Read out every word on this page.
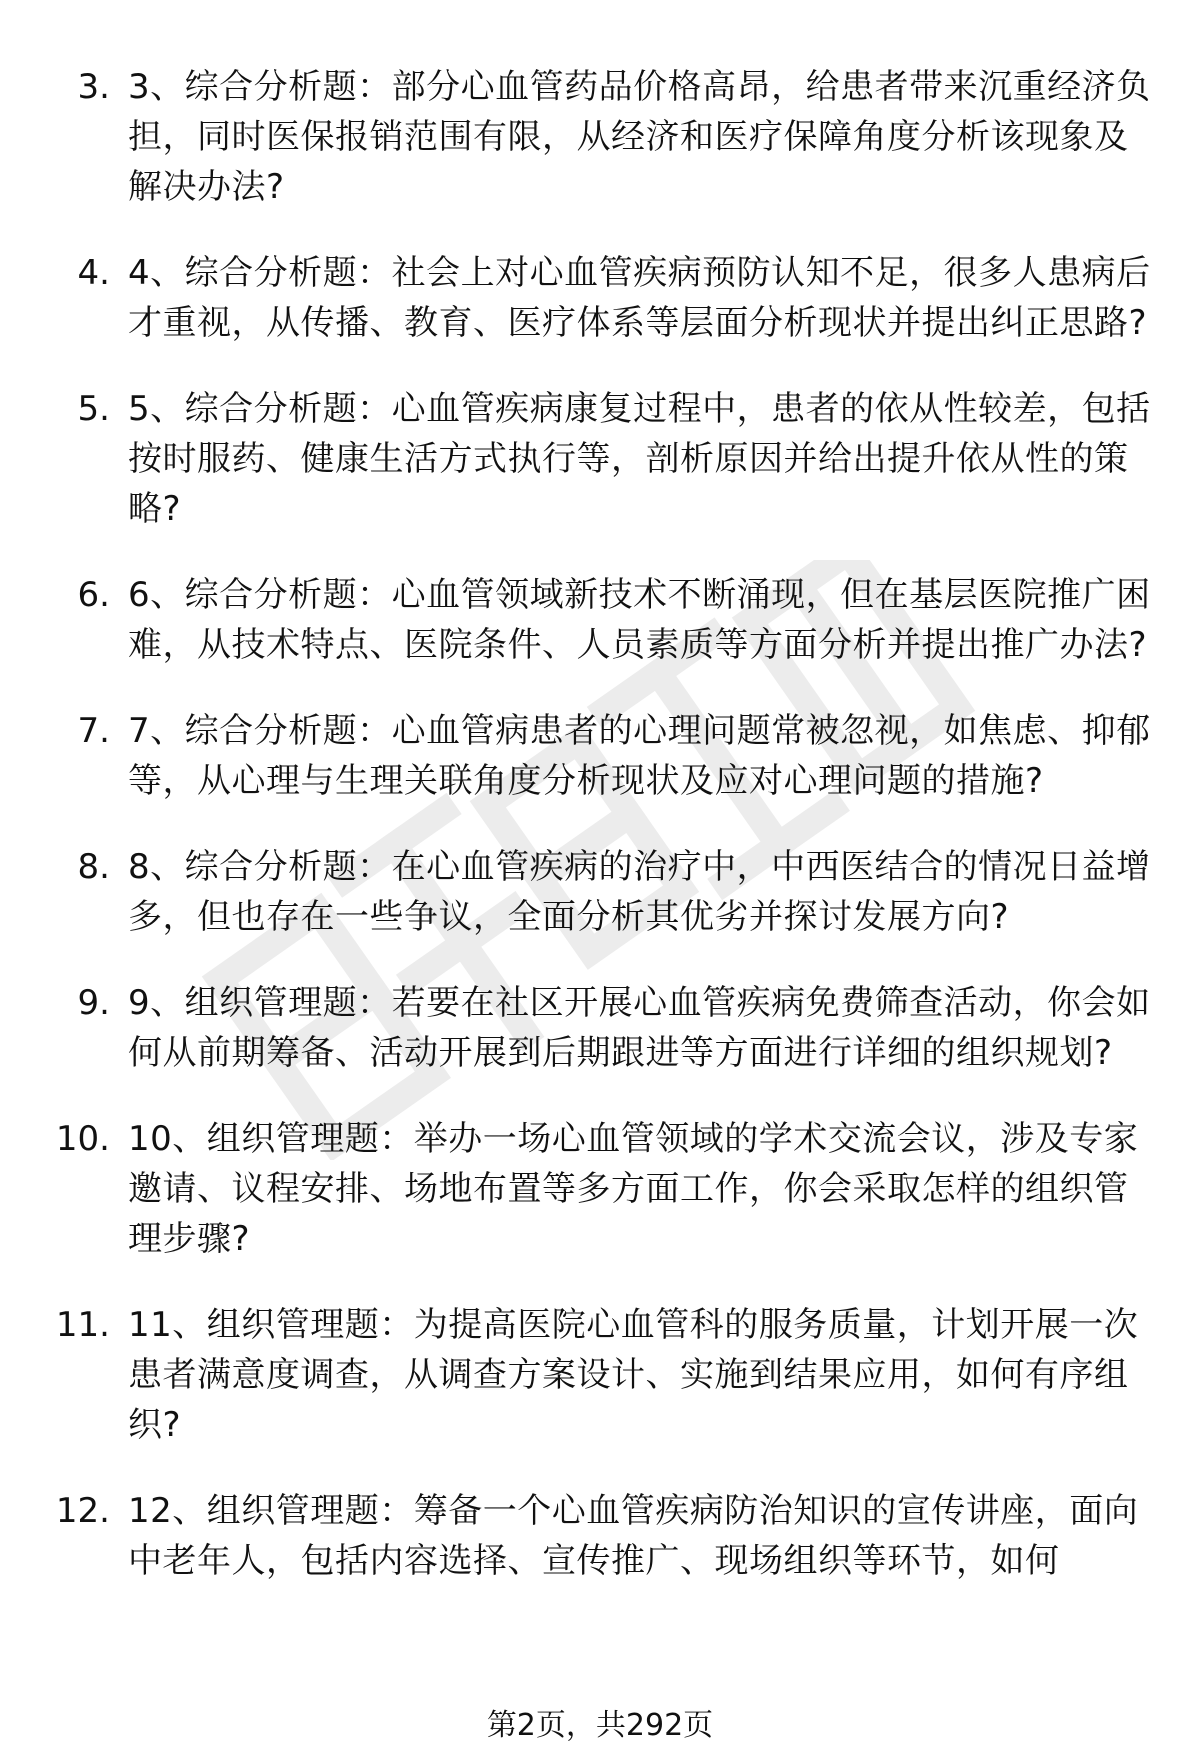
3. 3、综合分析题：部分心血管药品价格高昂，给患者带来沉重经济负担，同时医保报销范围有限，从经济和医疗保障角度分析该现象及解决办法?
4. 4、综合分析题：社会上对心血管疾病预防认知不足，很多人患病后才重视，从传播、教育、医疗体系等层面分析现状并提出纠正思路?
5. 5、综合分析题：心血管疾病康复过程中，患者的依从性较差，包括按时服药、健康生活方式执行等，剖析原因并给出提升依从性的策略?
6. 6、综合分析题：心血管领域新技术不断涌现，但在基层医院推广困难，从技术特点、医院条件、人员素质等方面分析并提出推广办法?
7. 7、综合分析题：心血管病患者的心理问题常被忽视，如焦虑、抑郁等，从心理与生理关联角度分析现状及应对心理问题的措施?
8. 8、综合分析题：在心血管疾病的治疗中，中西医结合的情况日益增多，但也存在一些争议，全面分析其优劣并探讨发展方向?
9. 9、组织管理题：若要在社区开展心血管疾病免费筛查活动，你会如何从前期筹备、活动开展到后期跟进等方面进行详细的组织规划?
10. 10、组织管理题：举办一场心血管领域的学术交流会议，涉及专家邀请、议程安排、场地布置等多方面工作，你会采取怎样的组织管理步骤?
11. 11、组织管理题：为提高医院心血管科的服务质量，计划开展一次患者满意度调查，从调查方案设计、实施到结果应用，如何有序组织?
12. 12、组织管理题：筹备一个心血管疾病防治知识的宣传讲座，面向中老年人，包括内容选择、宣传推广、现场组织等环节，如何
第2页，共292页
